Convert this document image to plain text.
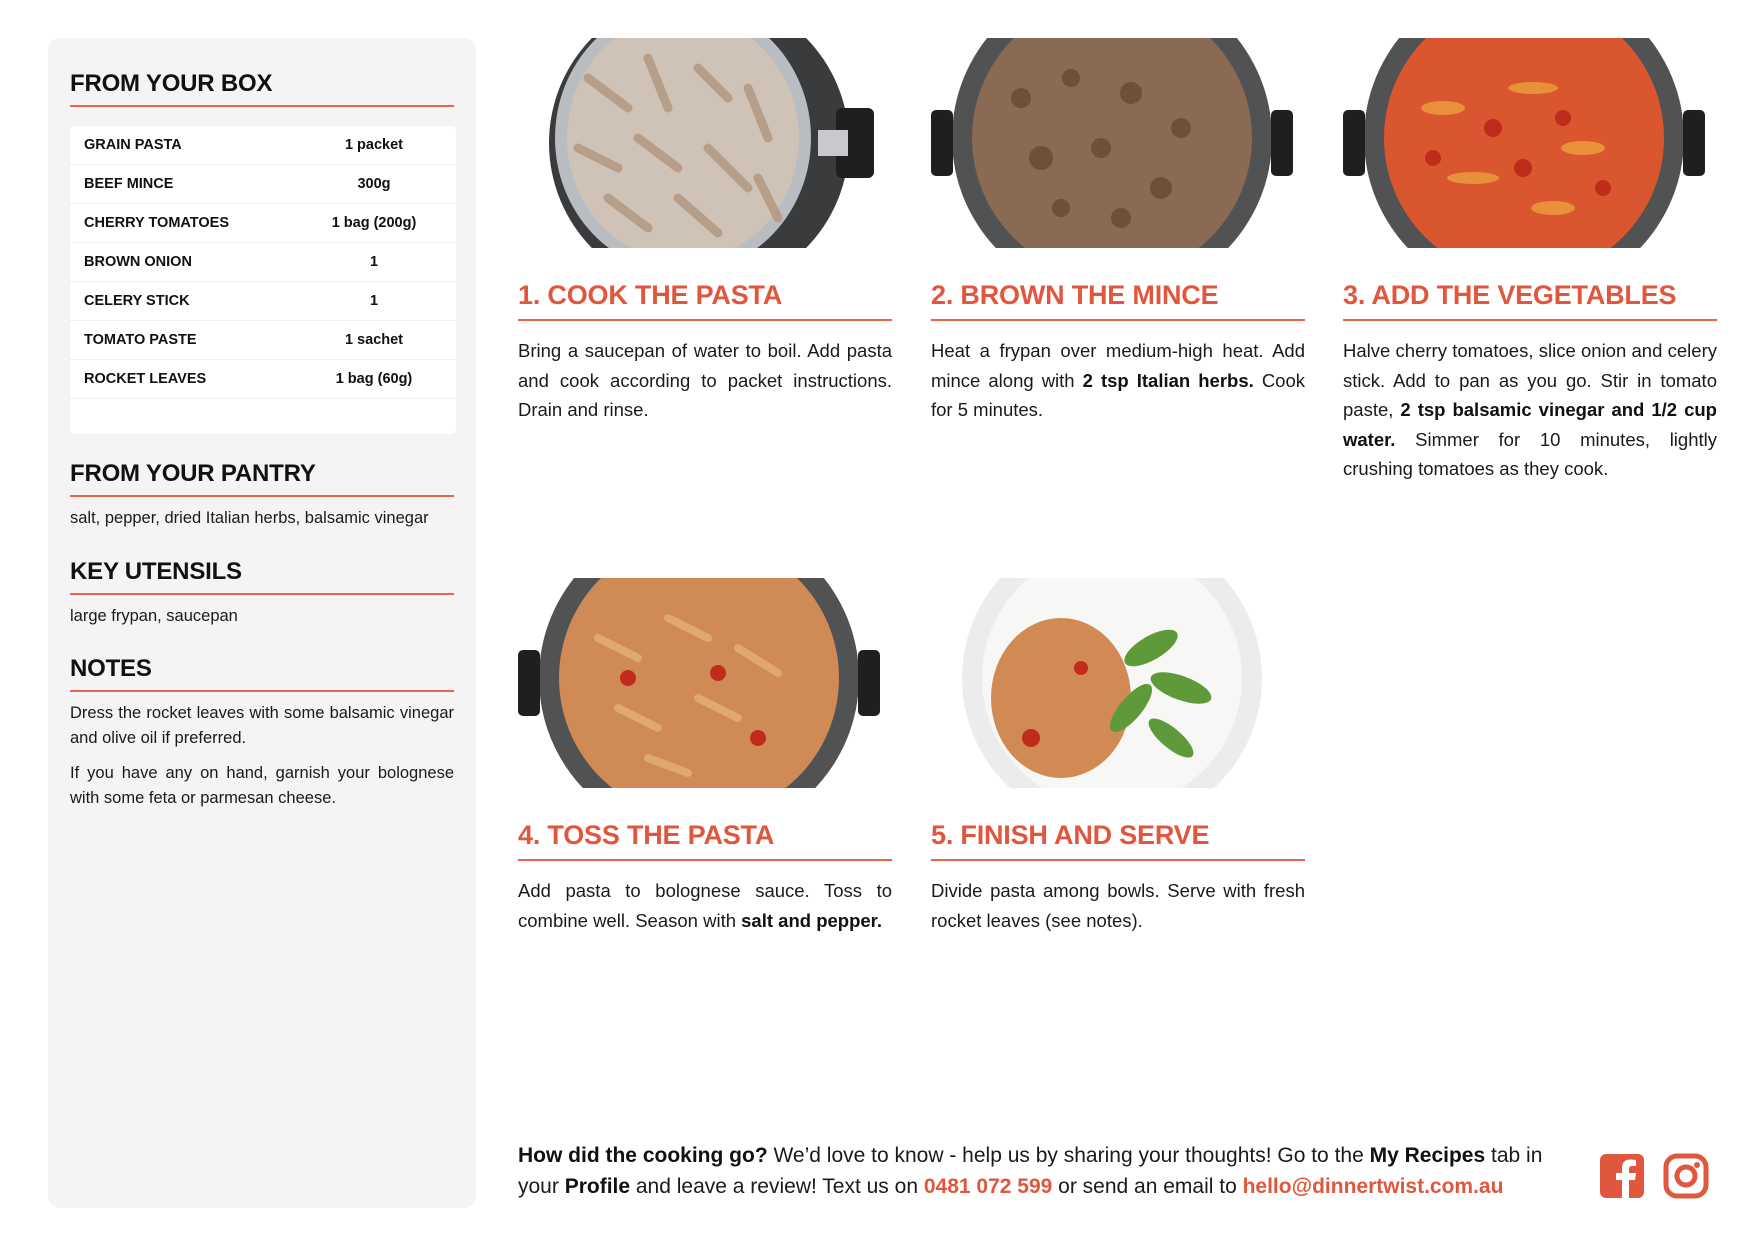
FROM YOUR BOX
GRAIN PASTA	1 packet
BEEF MINCE	300g
CHERRY TOMATOES	1 bag (200g)
BROWN ONION	1
CELERY STICK	1
TOMATO PASTE	1 sachet
ROCKET LEAVES	1 bag (60g)
FROM YOUR PANTRY
salt, pepper, dried Italian herbs, balsamic vinegar
KEY UTENSILS
large frypan, saucepan
NOTES

Dress the rocket leaves with some balsamic vinegar and olive oil if preferred.

If you have any on hand, garnish your bolognese with some feta or parmesan cheese.

1. COOK THE PASTA
Bring a saucepan of water to boil. Add pasta and cook according to packet instructions. Drain and rinse.
2. BROWN THE MINCE
Heat a frypan over medium-high heat. Add mince along with 2 tsp Italian herbs. Cook for 5 minutes.
3. ADD THE VEGETABLES
Halve cherry tomatoes, slice onion and celery stick. Add to pan as you go. Stir in tomato paste, 2 tsp balsamic vinegar and 1/2 cup water. Simmer for 10 minutes, lightly crushing tomatoes as they cook.
4. TOSS THE PASTA
Add pasta to bolognese sauce. Toss to combine well. Season with salt and pepper.
5. FINISH AND SERVE
Divide pasta among bowls. Serve with fresh rocket leaves (see notes).
How did the cooking go? We’d love to know - help us by sharing your thoughts! Go to the My Recipes tab in your Profile and leave a review! Text us on 0481 072 599 or send an email to hello@dinnertwist.com.au
